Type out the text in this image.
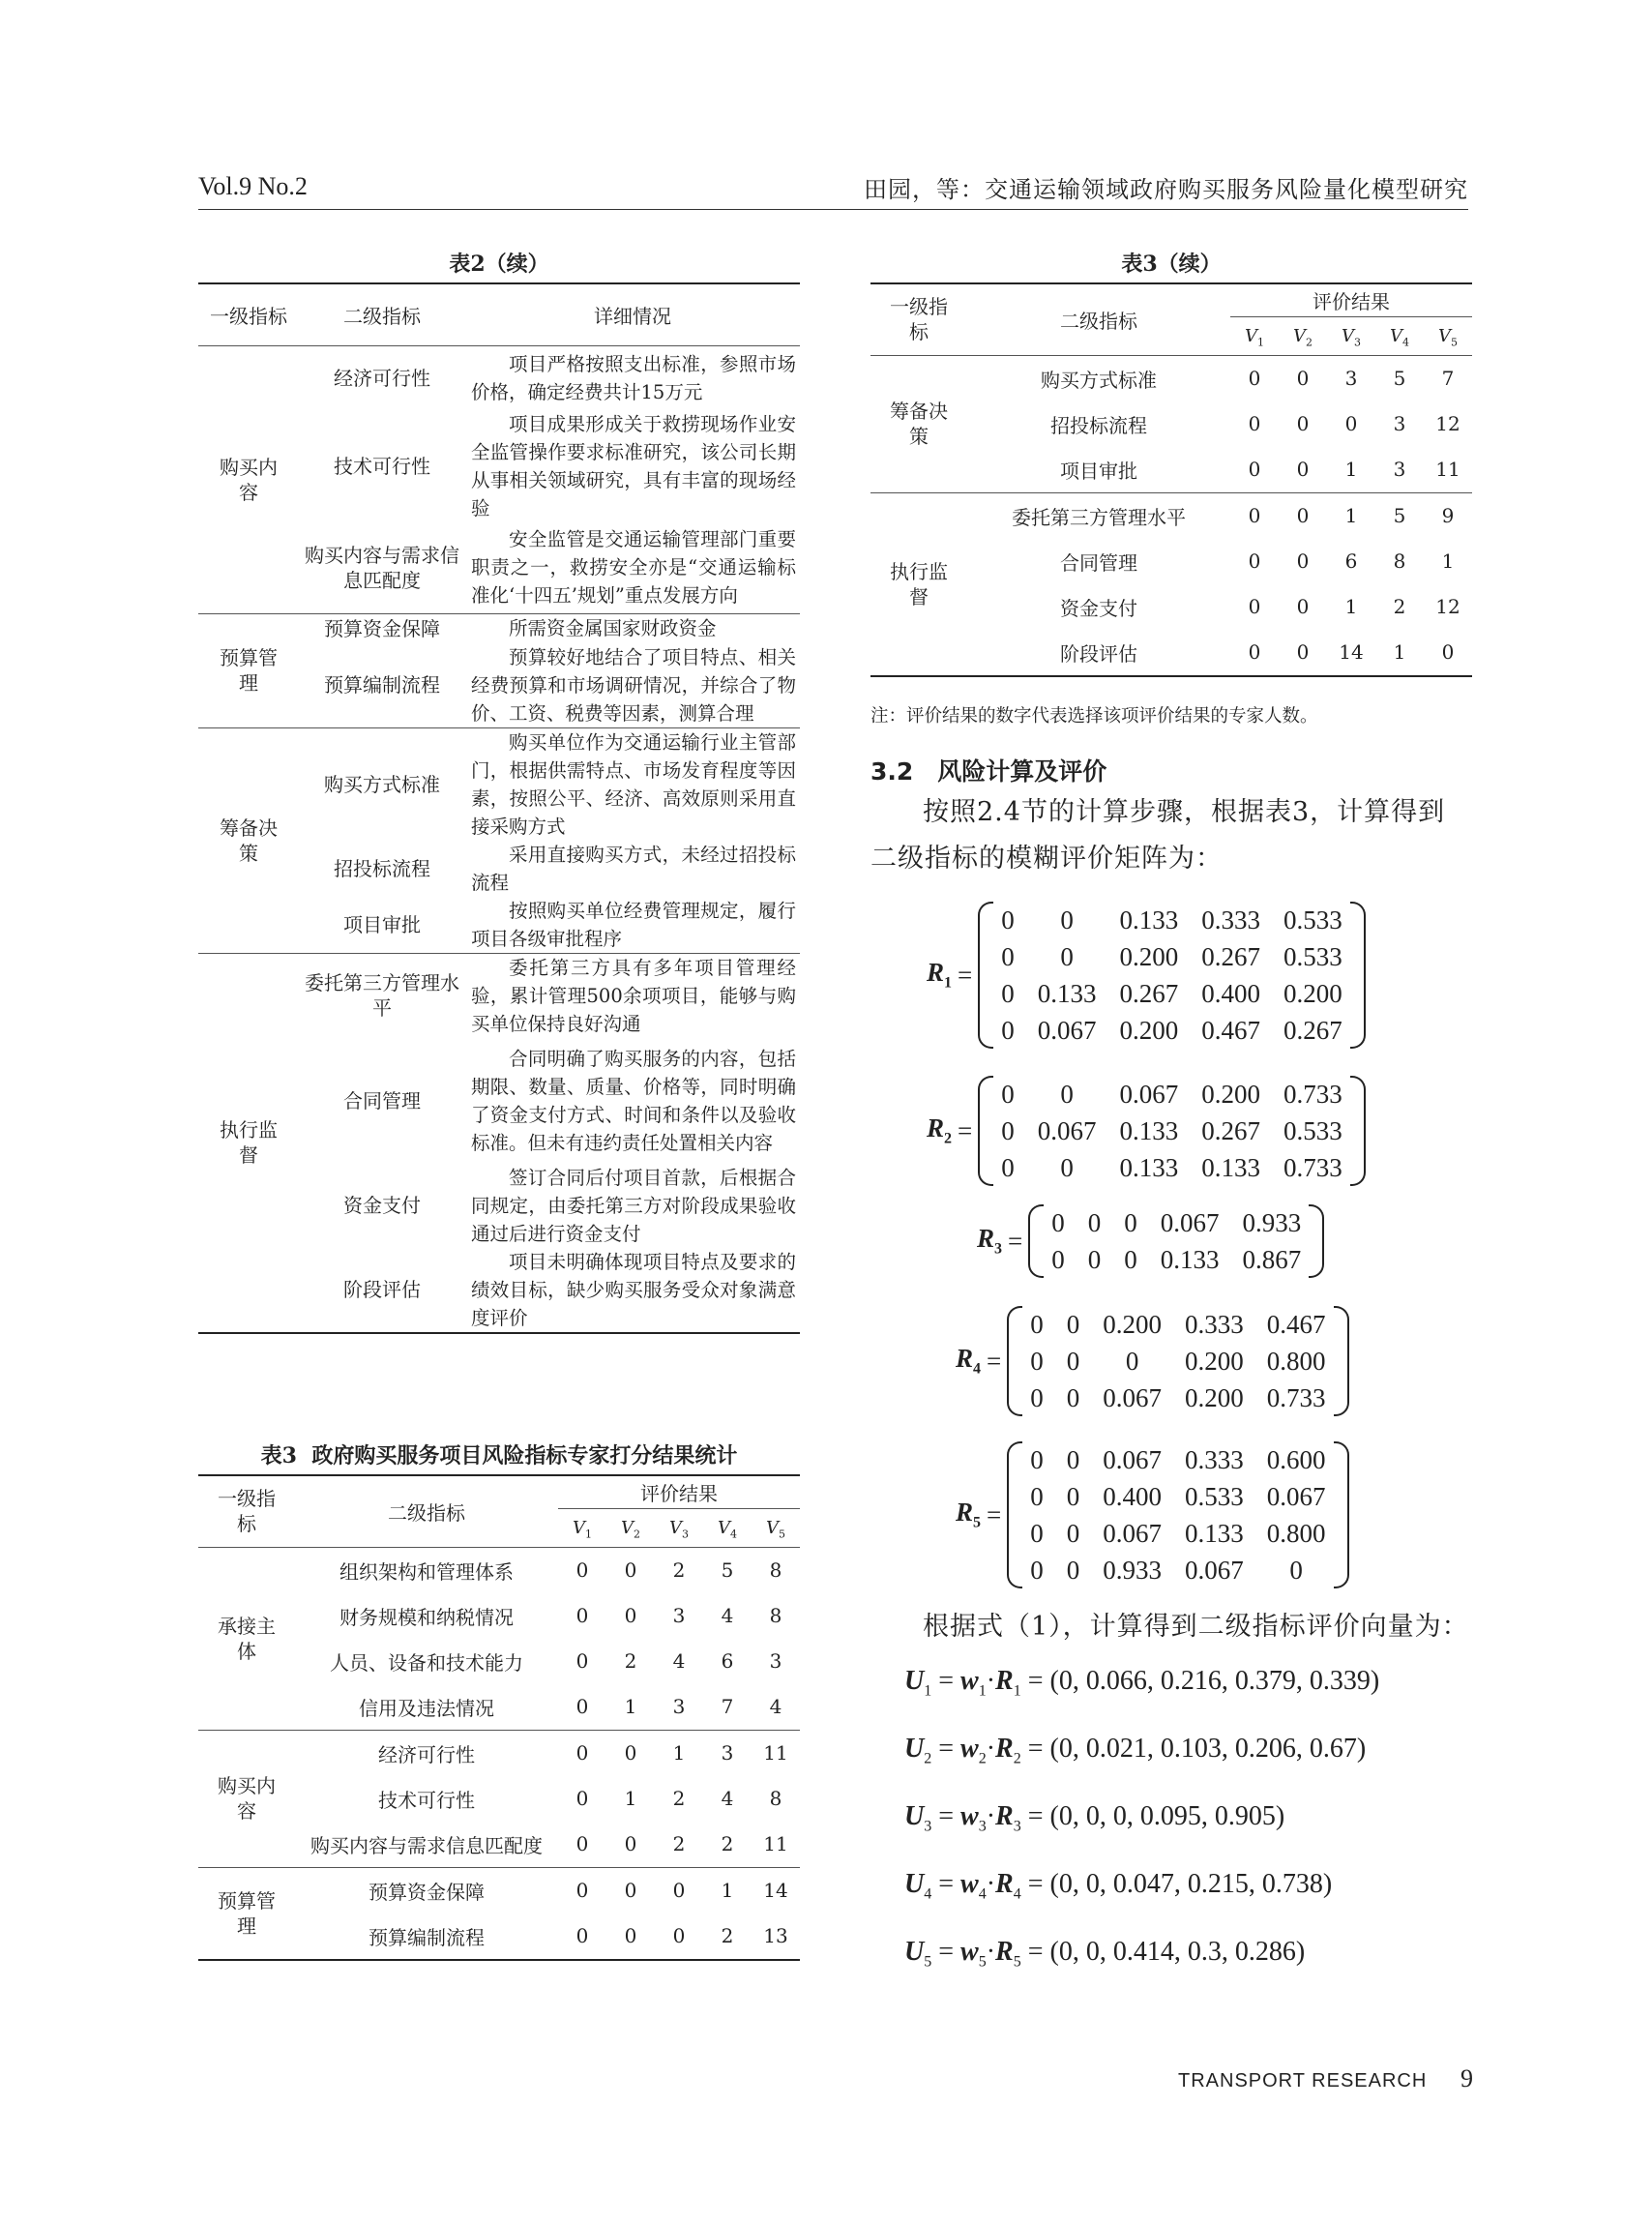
Vol.9 No.2	田园，等：交通运输领域政府购买服务风险量化模型研究
表2（续）
一级指标	二级指标	详细情况
购买内容	经济可行性	项目严格按照支出标准，参照市场价格，确定经费共计15万元

	技术可行性	项目成果形成关于救捞现场作业安全监管操作要求标准研究，该公司长期从事相关领域研究，具有丰富的现场经验

	购买内容与需求信息匹配度	安全监管是交通运输管理部门重要职责之一，救捞安全亦是“交通运输标准化‘十四五’规划”重点发展方向

预算管理	预算资金保障	所需资金属国家财政资金

	预算编制流程	预算较好地结合了项目特点、相关经费预算和市场调研情况，并综合了物价、工资、税费等因素，测算合理

筹备决策	购买方式标准	购买单位作为交通运输行业主管部门，根据供需特点、市场发育程度等因素，按照公平、经济、高效原则采用直接采购方式

	招投标流程	采用直接购买方式，未经过招投标流程

	项目审批	按照购买单位经费管理规定，履行项目各级审批程序

执行监督	委托第三方管理水平	委托第三方具有多年项目管理经验，累计管理500余项项目，能够与购买单位保持良好沟通

	合同管理	合同明确了购买服务的内容，包括期限、数量、质量、价格等，同时明确了资金支付方式、时间和条件以及验收标准。但未有违约责任处置相关内容

	资金支付	签订合同后付项目首款，后根据合同规定，由委托第三方对阶段成果验收通过后进行资金支付

	阶段评估	项目未明确体现项目特点及要求的绩效目标，缺少购买服务受众对象满意度评价
表3 政府购买服务项目风险指标专家打分结果统计
一级指标	二级指标	评价结果				
		$V_1$	$V_2$	$V_3$	$V_4$	$V_5$
承接主体	组织架构和管理体系	0	0	2	5	8
	财务规模和纳税情况	0	0	3	4	8
	人员、设备和技术能力	0	2	4	6	3
	信用及违法情况	0	1	3	7	4
购买内容	经济可行性	0	0	1	3	11
	技术可行性	0	1	2	4	8
	购买内容与需求信息匹配度	0	0	2	2	11
预算管理	预算资金保障	0	0	0	1	14
	预算编制流程	0	0	0	2	13
表3（续）
一级指标	二级指标	评价结果				
		$V_1$	$V_2$	$V_3$	$V_4$	$V_5$
筹备决策	购买方式标准	0	0	3	5	7
	招投标流程	0	0	0	3	12
	项目审批	0	0	1	3	11
执行监督	委托第三方管理水平	0	0	1	5	9
	合同管理	0	0	6	8	1
	资金支付	0	0	1	2	12
	阶段评估	0	0	14	1	0
注：评价结果的数字代表选择该项评价结果的专家人数。
3.2　风险计算及评价
按照2.4节的计算步骤，根据表3，计算得到二级指标的模糊评价矩阵为：
$R_1$ =
0	0	0.133	0.333	0.533
0	0	0.200	0.267	0.533
0	0.133	0.267	0.400	0.200
0	0.067	0.200	0.467	0.267
$R_2$ =
0	0	0.067	0.200	0.733
0	0.067	0.133	0.267	0.533
0	0	0.133	0.133	0.733
$R_3$ =
0	0	0	0.067	0.933
0	0	0	0.133	0.867
$R_4$ =
0	0	0.200	0.333	0.467
0	0	0	0.200	0.800
0	0	0.067	0.200	0.733
$R_5$ =
0	0	0.067	0.333	0.600
0	0	0.400	0.533	0.067
0	0	0.067	0.133	0.800
0	0	0.933	0.067	0
根据式（1），计算得到二级指标评价向量为：
$U_1 = w_1\cdot R_1 = (0$, 0.066, 0.216, 0.379, 0.339)
$U_2 = w_2\cdot R_2 = (0$, 0.021, 0.103, 0.206, 0.67)
$U_3 = w_3\cdot R_3 = (0$, 0, 0, 0.095, 0.905)
$U_4 = w_4\cdot R_4 = (0$, 0, 0.047, 0.215, 0.738)
$U_5 = w_5\cdot R_5 = (0$, 0, 0.414, 0.3, 0.286)
TRANSPORT RESEARCH 9
